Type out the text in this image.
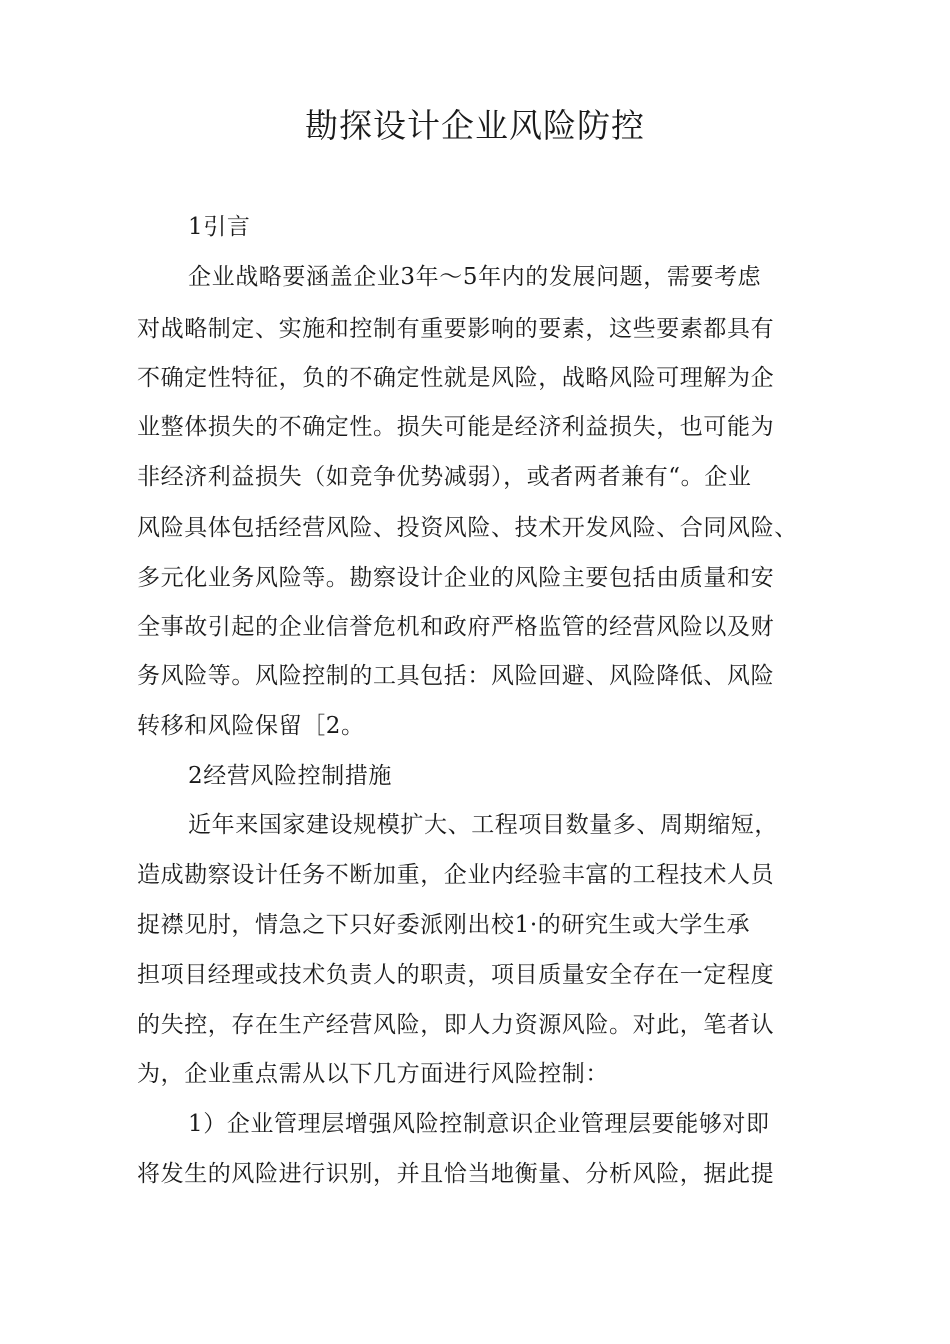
勘探设计企业风险防控

1引言

企业战略要涵盖企业3年～5年内的发展问题，需要考虑

对战略制定、实施和控制有重要影响的要素，这些要素都具有

不确定性特征，负的不确定性就是风险，战略风险可理解为企

业整体损失的不确定性。损失可能是经济利益损失，也可能为

非经济利益损失（如竞争优势减弱），或者两者兼有“。企业

风险具体包括经营风险、投资风险、技术开发风险、合同风险、

多元化业务风险等。勘察设计企业的风险主要包括由质量和安

全事故引起的企业信誉危机和政府严格监管的经营风险以及财

务风险等。风险控制的工具包括：风险回避、风险降低、风险

转移和风险保留［2。

2经营风险控制措施

近年来国家建设规模扩大、工程项目数量多、周期缩短，

造成勘察设计任务不断加重，企业内经验丰富的工程技术人员

捉襟见肘，情急之下只好委派刚出校1·的研究生或大学生承

担项目经理或技术负责人的职责，项目质量安全存在一定程度

的失控，存在生产经营风险，即人力资源风险。对此，笔者认

为，企业重点需从以下几方面进行风险控制：

1）企业管理层增强风险控制意识企业管理层要能够对即

将发生的风险进行识别，并且恰当地衡量、分析风险，据此提
